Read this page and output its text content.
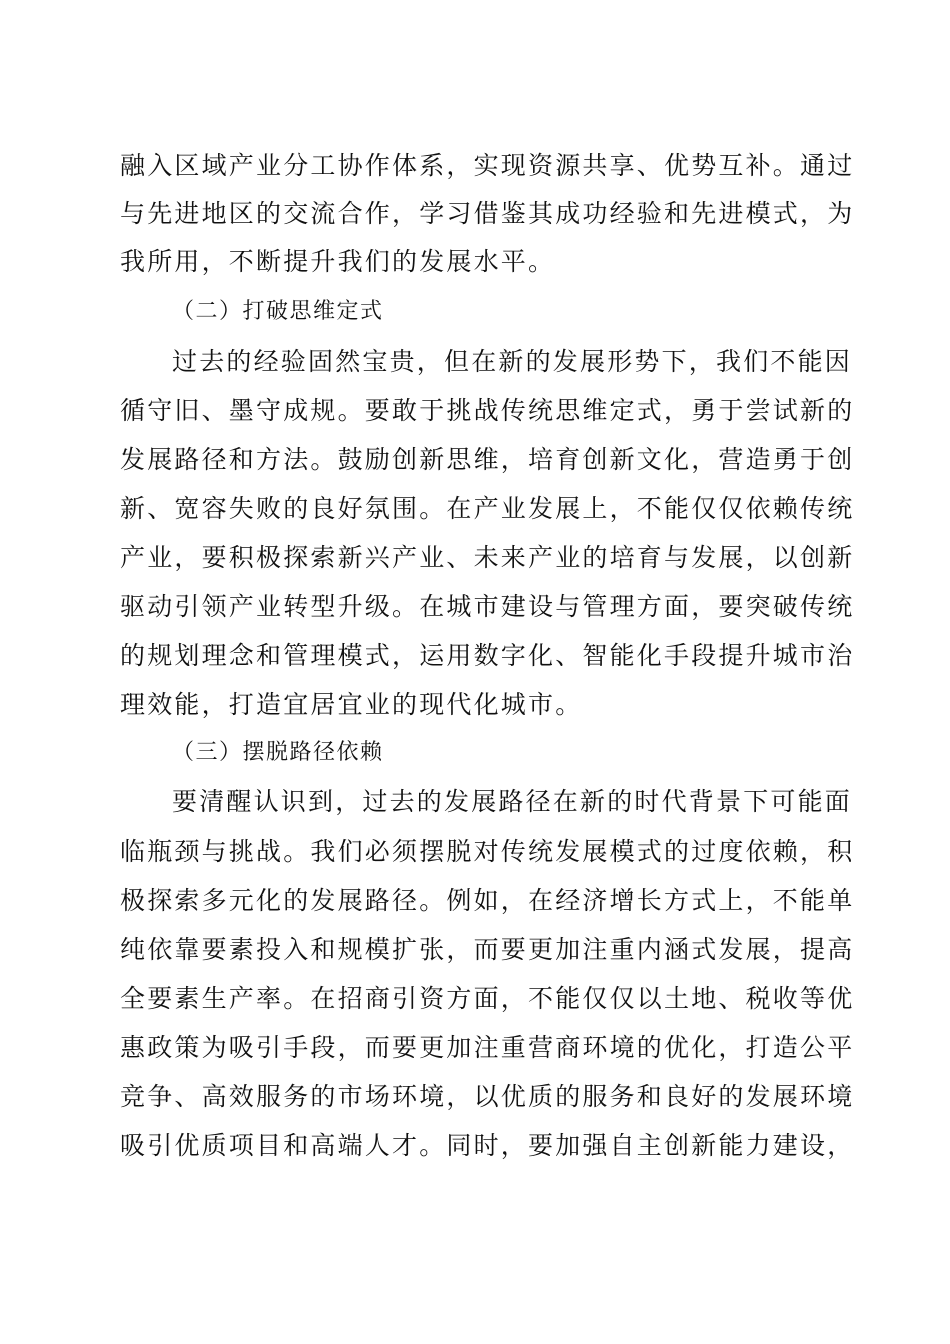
融入区域产业分工协作体系，实现资源共享、优势互补。通过
与先进地区的交流合作，学习借鉴其成功经验和先进模式，为
我所用，不断提升我们的发展水平。
（二）打破思维定式
过去的经验固然宝贵，但在新的发展形势下，我们不能因
循守旧、墨守成规。要敢于挑战传统思维定式，勇于尝试新的
发展路径和方法。鼓励创新思维，培育创新文化，营造勇于创
新、宽容失败的良好氛围。在产业发展上，不能仅仅依赖传统
产业，要积极探索新兴产业、未来产业的培育与发展，以创新
驱动引领产业转型升级。在城市建设与管理方面，要突破传统
的规划理念和管理模式，运用数字化、智能化手段提升城市治
理效能，打造宜居宜业的现代化城市。
（三）摆脱路径依赖
要清醒认识到，过去的发展路径在新的时代背景下可能面
临瓶颈与挑战。我们必须摆脱对传统发展模式的过度依赖，积
极探索多元化的发展路径。例如，在经济增长方式上，不能单
纯依靠要素投入和规模扩张，而要更加注重内涵式发展，提高
全要素生产率。在招商引资方面，不能仅仅以土地、税收等优
惠政策为吸引手段，而要更加注重营商环境的优化，打造公平
竞争、高效服务的市场环境，以优质的服务和良好的发展环境
吸引优质项目和高端人才。同时，要加强自主创新能力建设，
